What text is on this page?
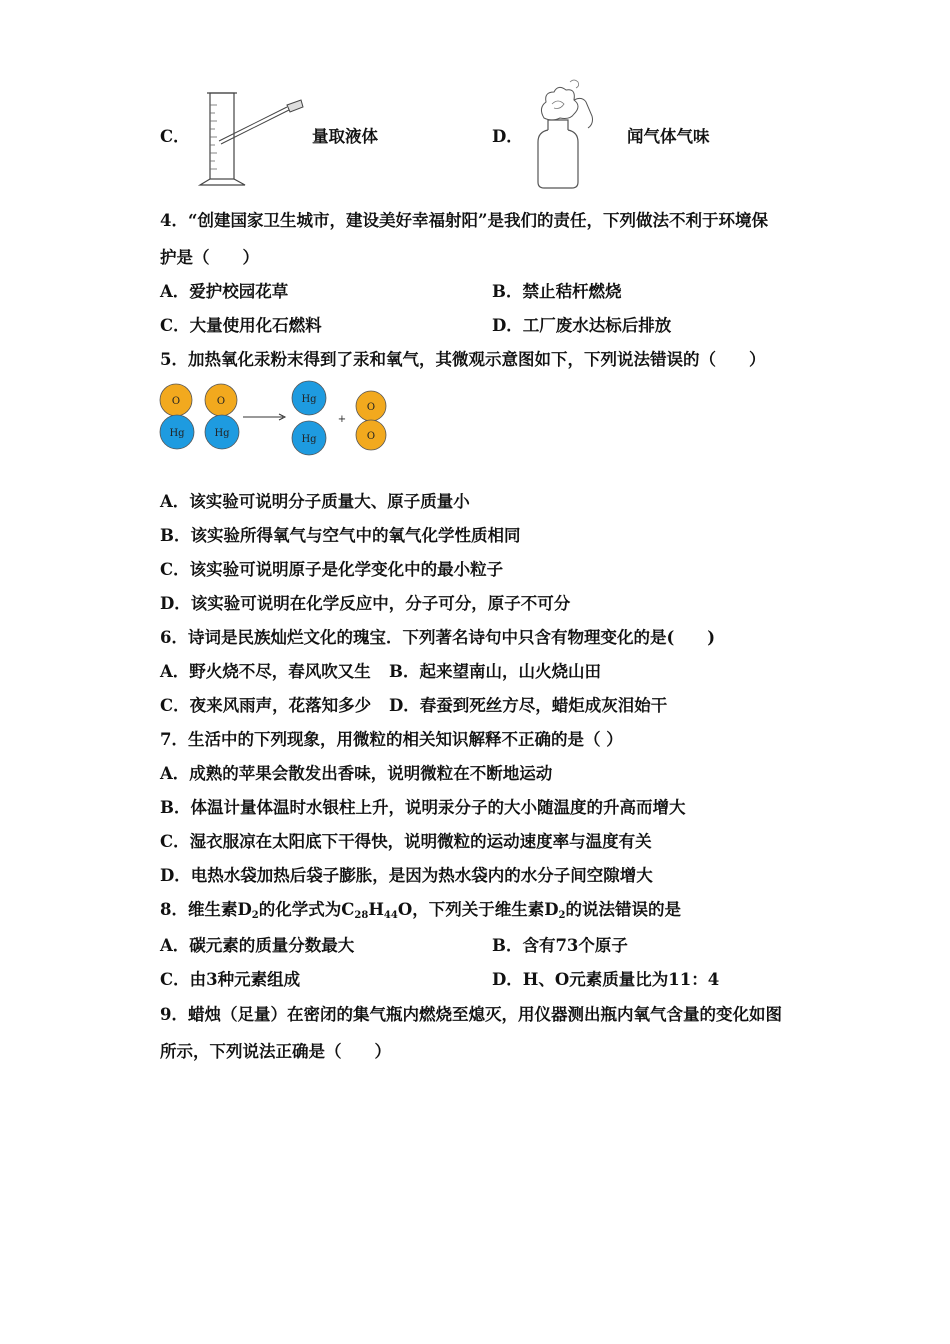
C．	量取液体	D．	闻气体气味
4．“创建国家卫生城市，建设美好幸福射阳”是我们的责任，下列做法不利于环境保
护是（　　）
A．爱护校园花草	B．禁止秸杆燃烧
C．大量使用化石燃料	D．工厂废水达标后排放
5．加热氧化汞粉末得到了汞和氧气，其微观示意图如下，下列说法错误的（　　）
O
Hg
O
Hg
Hg
Hg
+
O
O
A．该实验可说明分子质量大、原子质量小
B．该实验所得氧气与空气中的氧气化学性质相同
C．该实验可说明原子是化学变化中的最小粒子
D．该实验可说明在化学反应中，分子可分，原子不可分
6．诗词是民族灿烂文化的瑰宝．下列著名诗句中只含有物理变化的是(　　)
A．野火烧不尽，春风吹又生 B．起来望南山，山火烧山田
C．夜来风雨声，花落知多少 D．春蚕到死丝方尽，蜡炬成灰泪始干
7．生活中的下列现象，用微粒的相关知识解释不正确的是（ ）
A．成熟的苹果会散发出香味，说明微粒在不断地运动
B．体温计量体温时水银柱上升，说明汞分子的大小随温度的升高而增大
C．湿衣服凉在太阳底下干得快，说明微粒的运动速度率与温度有关
D．电热水袋加热后袋子膨胀，是因为热水袋内的水分子间空隙增大
8．维生素$D_2$的化学式为$C_{28}H_{44}O$，下列关于维生素$D_2$的说法错误的是
A．碳元素的质量分数最大	B．含有73个原子
C．由3种元素组成	D．H、O元素质量比为11：4
9．蜡烛（足量）在密闭的集气瓶内燃烧至熄灭，用仪器测出瓶内氧气含量的变化如图
所示，下列说法正确是（　　）
